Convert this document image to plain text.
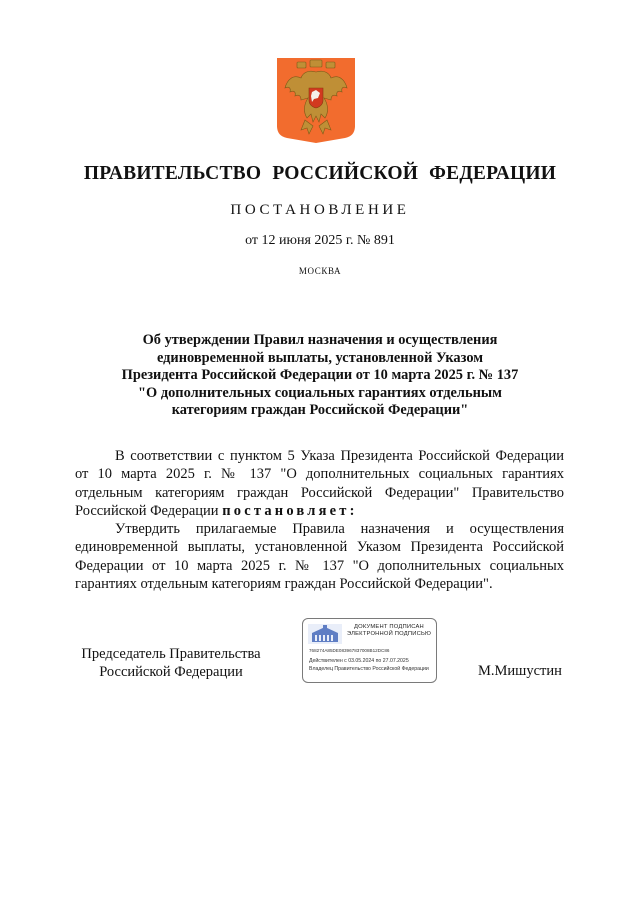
ПРАВИТЕЛЬСТВО РОССИЙСКОЙ ФЕДЕРАЦИИ
ПОСТАНОВЛЕНИЕ
от 12 июня 2025 г. № 891
МОСКВА
Об утверждении Правил назначения и осуществления
единовременной выплаты, установленной Указом
Президента Российской Федерации от 10 марта 2025 г. № 137
"О дополнительных социальных гарантиях отдельным
категориям граждан Российской Федерации"

В соответствии с пунктом 5 Указа Президента Российской Федерации от 10 марта 2025 г. № 137 "О дополнительных социальных гарантиях отдельным категориям граждан Российской Федерации" Правительство Российской Федерации постановляет:

Утвердить прилагаемые Правила назначения и осуществления единовременной выплаты, установленной Указом Президента Российской Федерации от 10 марта 2025 г. № 137 "О дополнительных социальных гарантиях отдельным категориям граждан Российской Федерации".

Председатель Правительства
Российской Федерации
ДОКУМЕНТ ПОДПИСАН
ЭЛЕКТРОННОЙ ПОДПИСЬЮ
768274A85DE083967837008B12DC86
Действителен с 03.05.2024 по 27.07.2025
Владелец Правительство Российской Федерации	М.Мишустин
